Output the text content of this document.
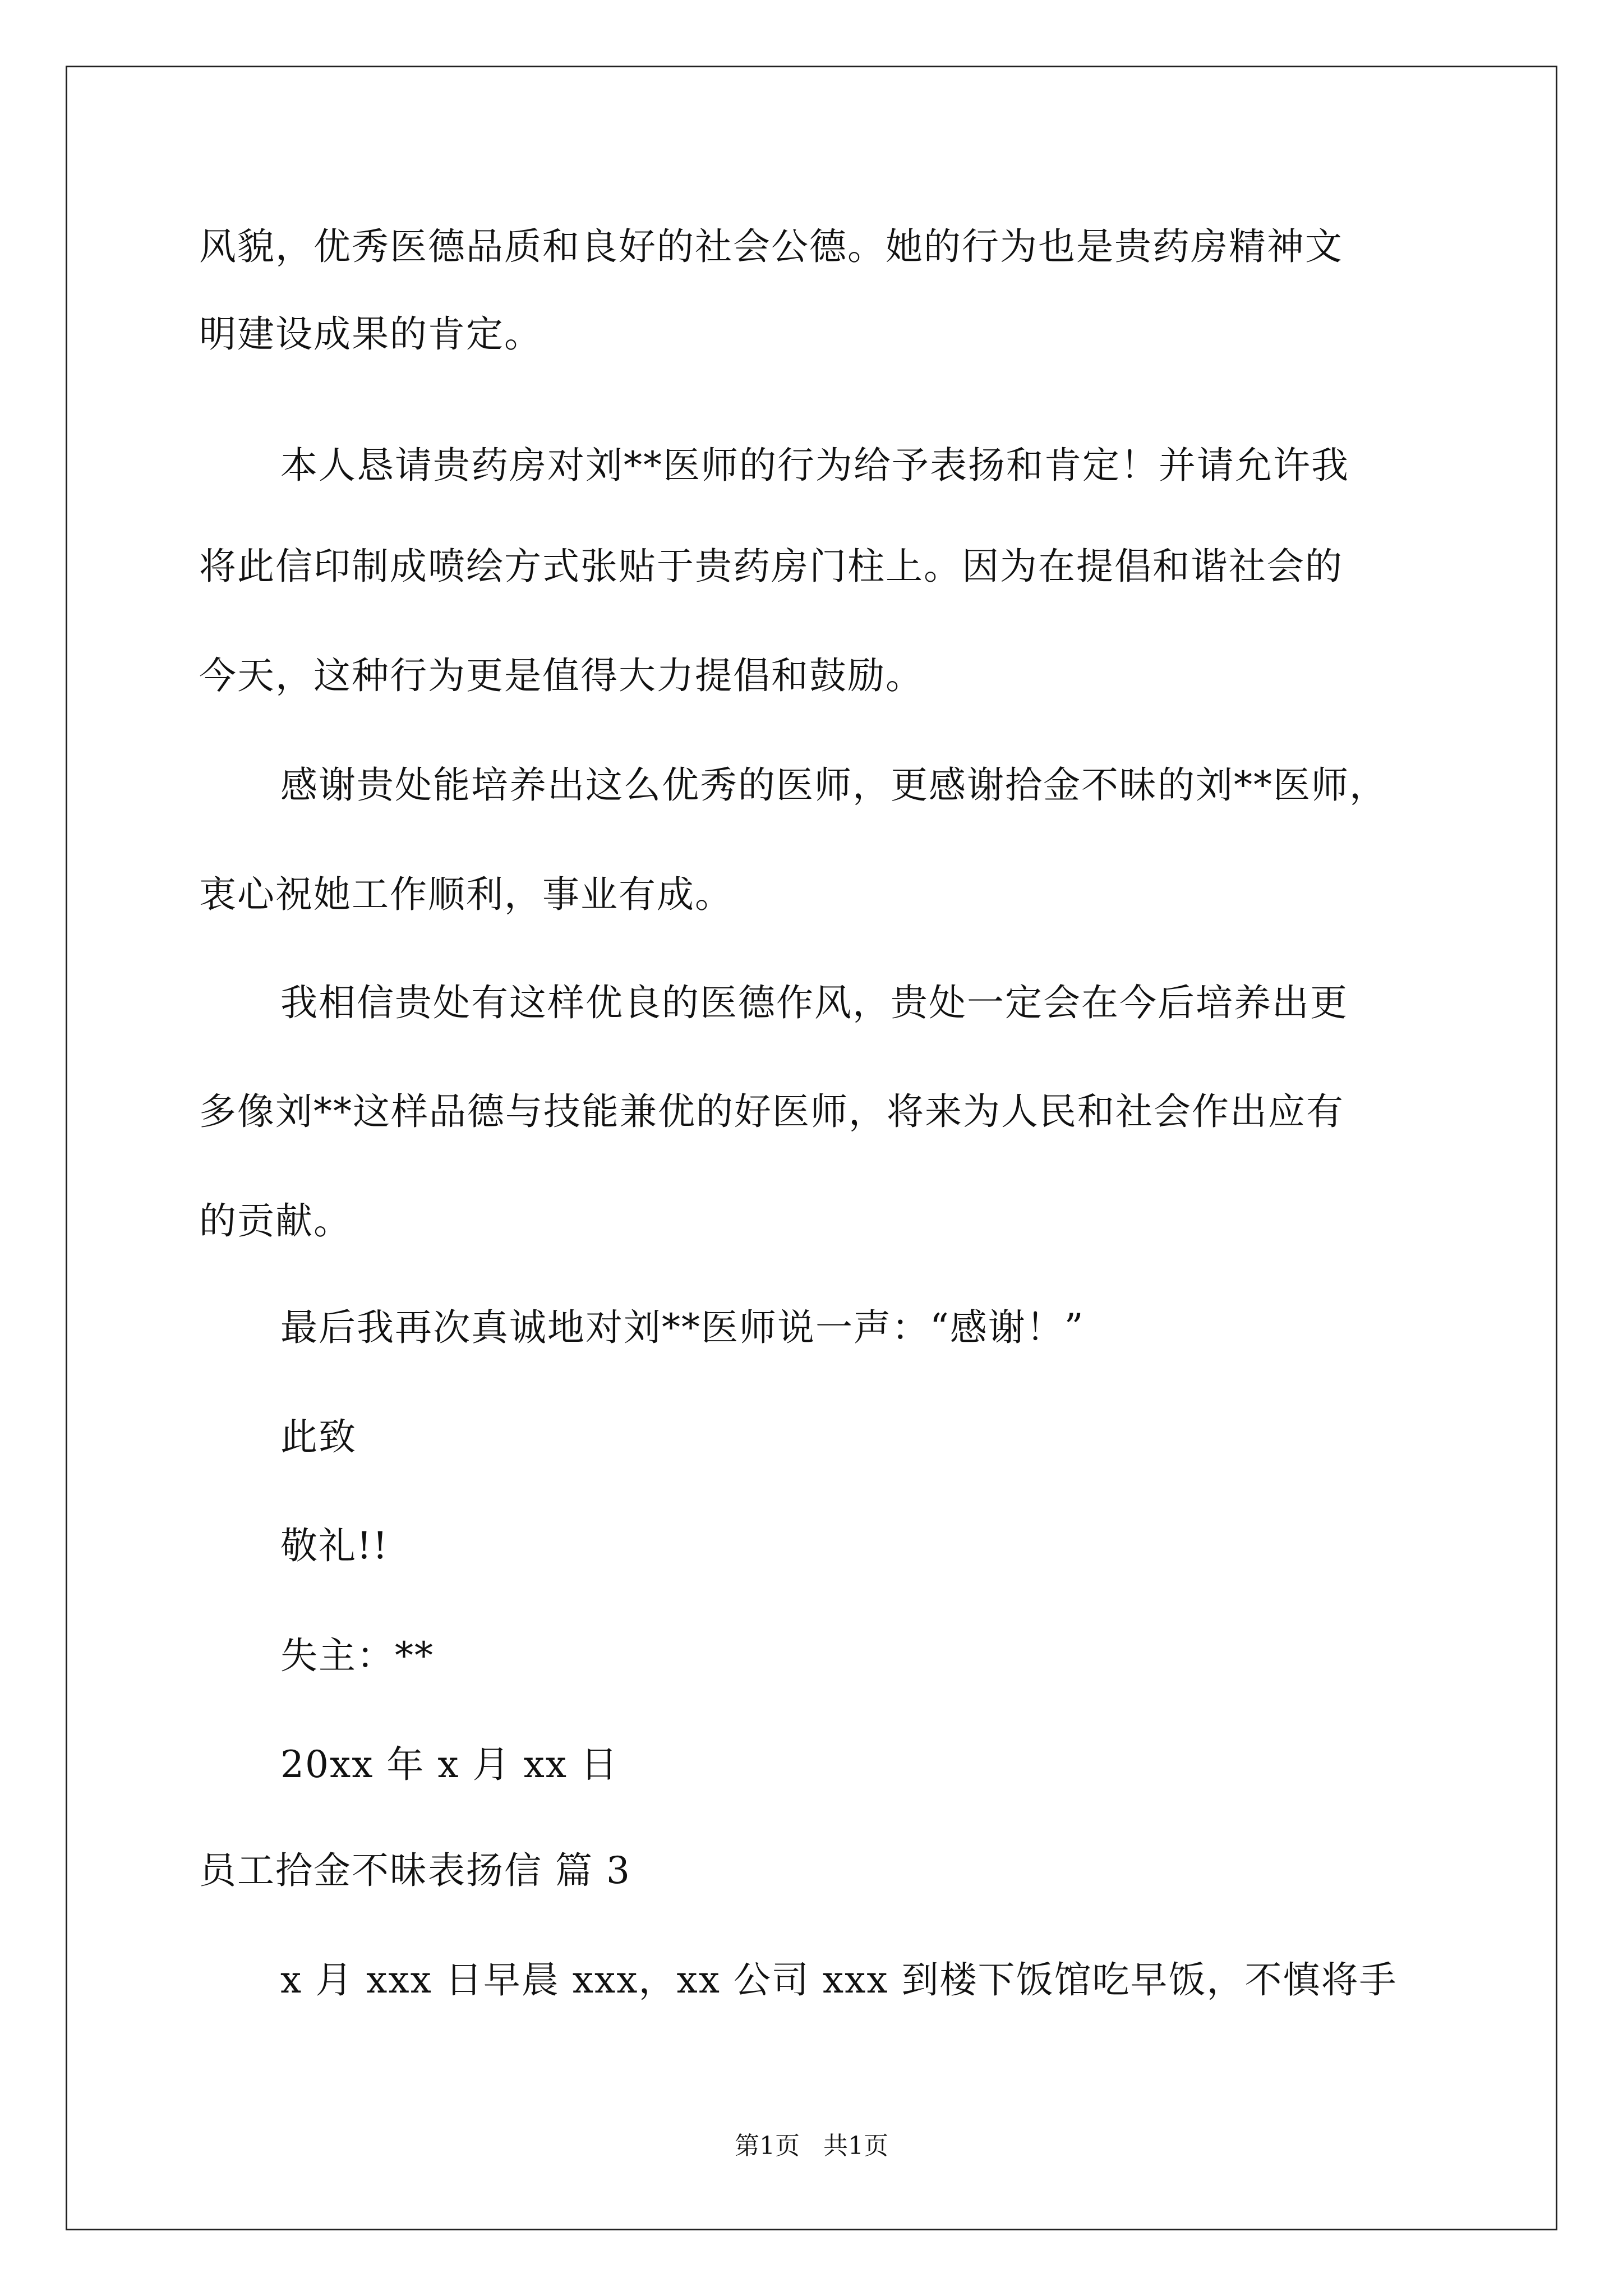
风貌，优秀医德品质和良好的社会公德。她的行为也是贵药房精神文
明建设成果的肯定。
本人恳请贵药房对刘**医师的行为给予表扬和肯定！并请允许我
将此信印制成喷绘方式张贴于贵药房门柱上。因为在提倡和谐社会的
今天，这种行为更是值得大力提倡和鼓励。
感谢贵处能培养出这么优秀的医师，更感谢拾金不昧的刘**医师，
衷心祝她工作顺利，事业有成。
我相信贵处有这样优良的医德作风，贵处一定会在今后培养出更
多像刘**这样品德与技能兼优的好医师，将来为人民和社会作出应有
的贡献。
最后我再次真诚地对刘**医师说一声：“感谢！”
此致
敬礼!!
失主：**
20xx 年 x 月 xx 日
员工拾金不昧表扬信 篇 3
x 月 xxx 日早晨 xxx，xx 公司 xxx 到楼下饭馆吃早饭，不慎将手
第1页   共1页
